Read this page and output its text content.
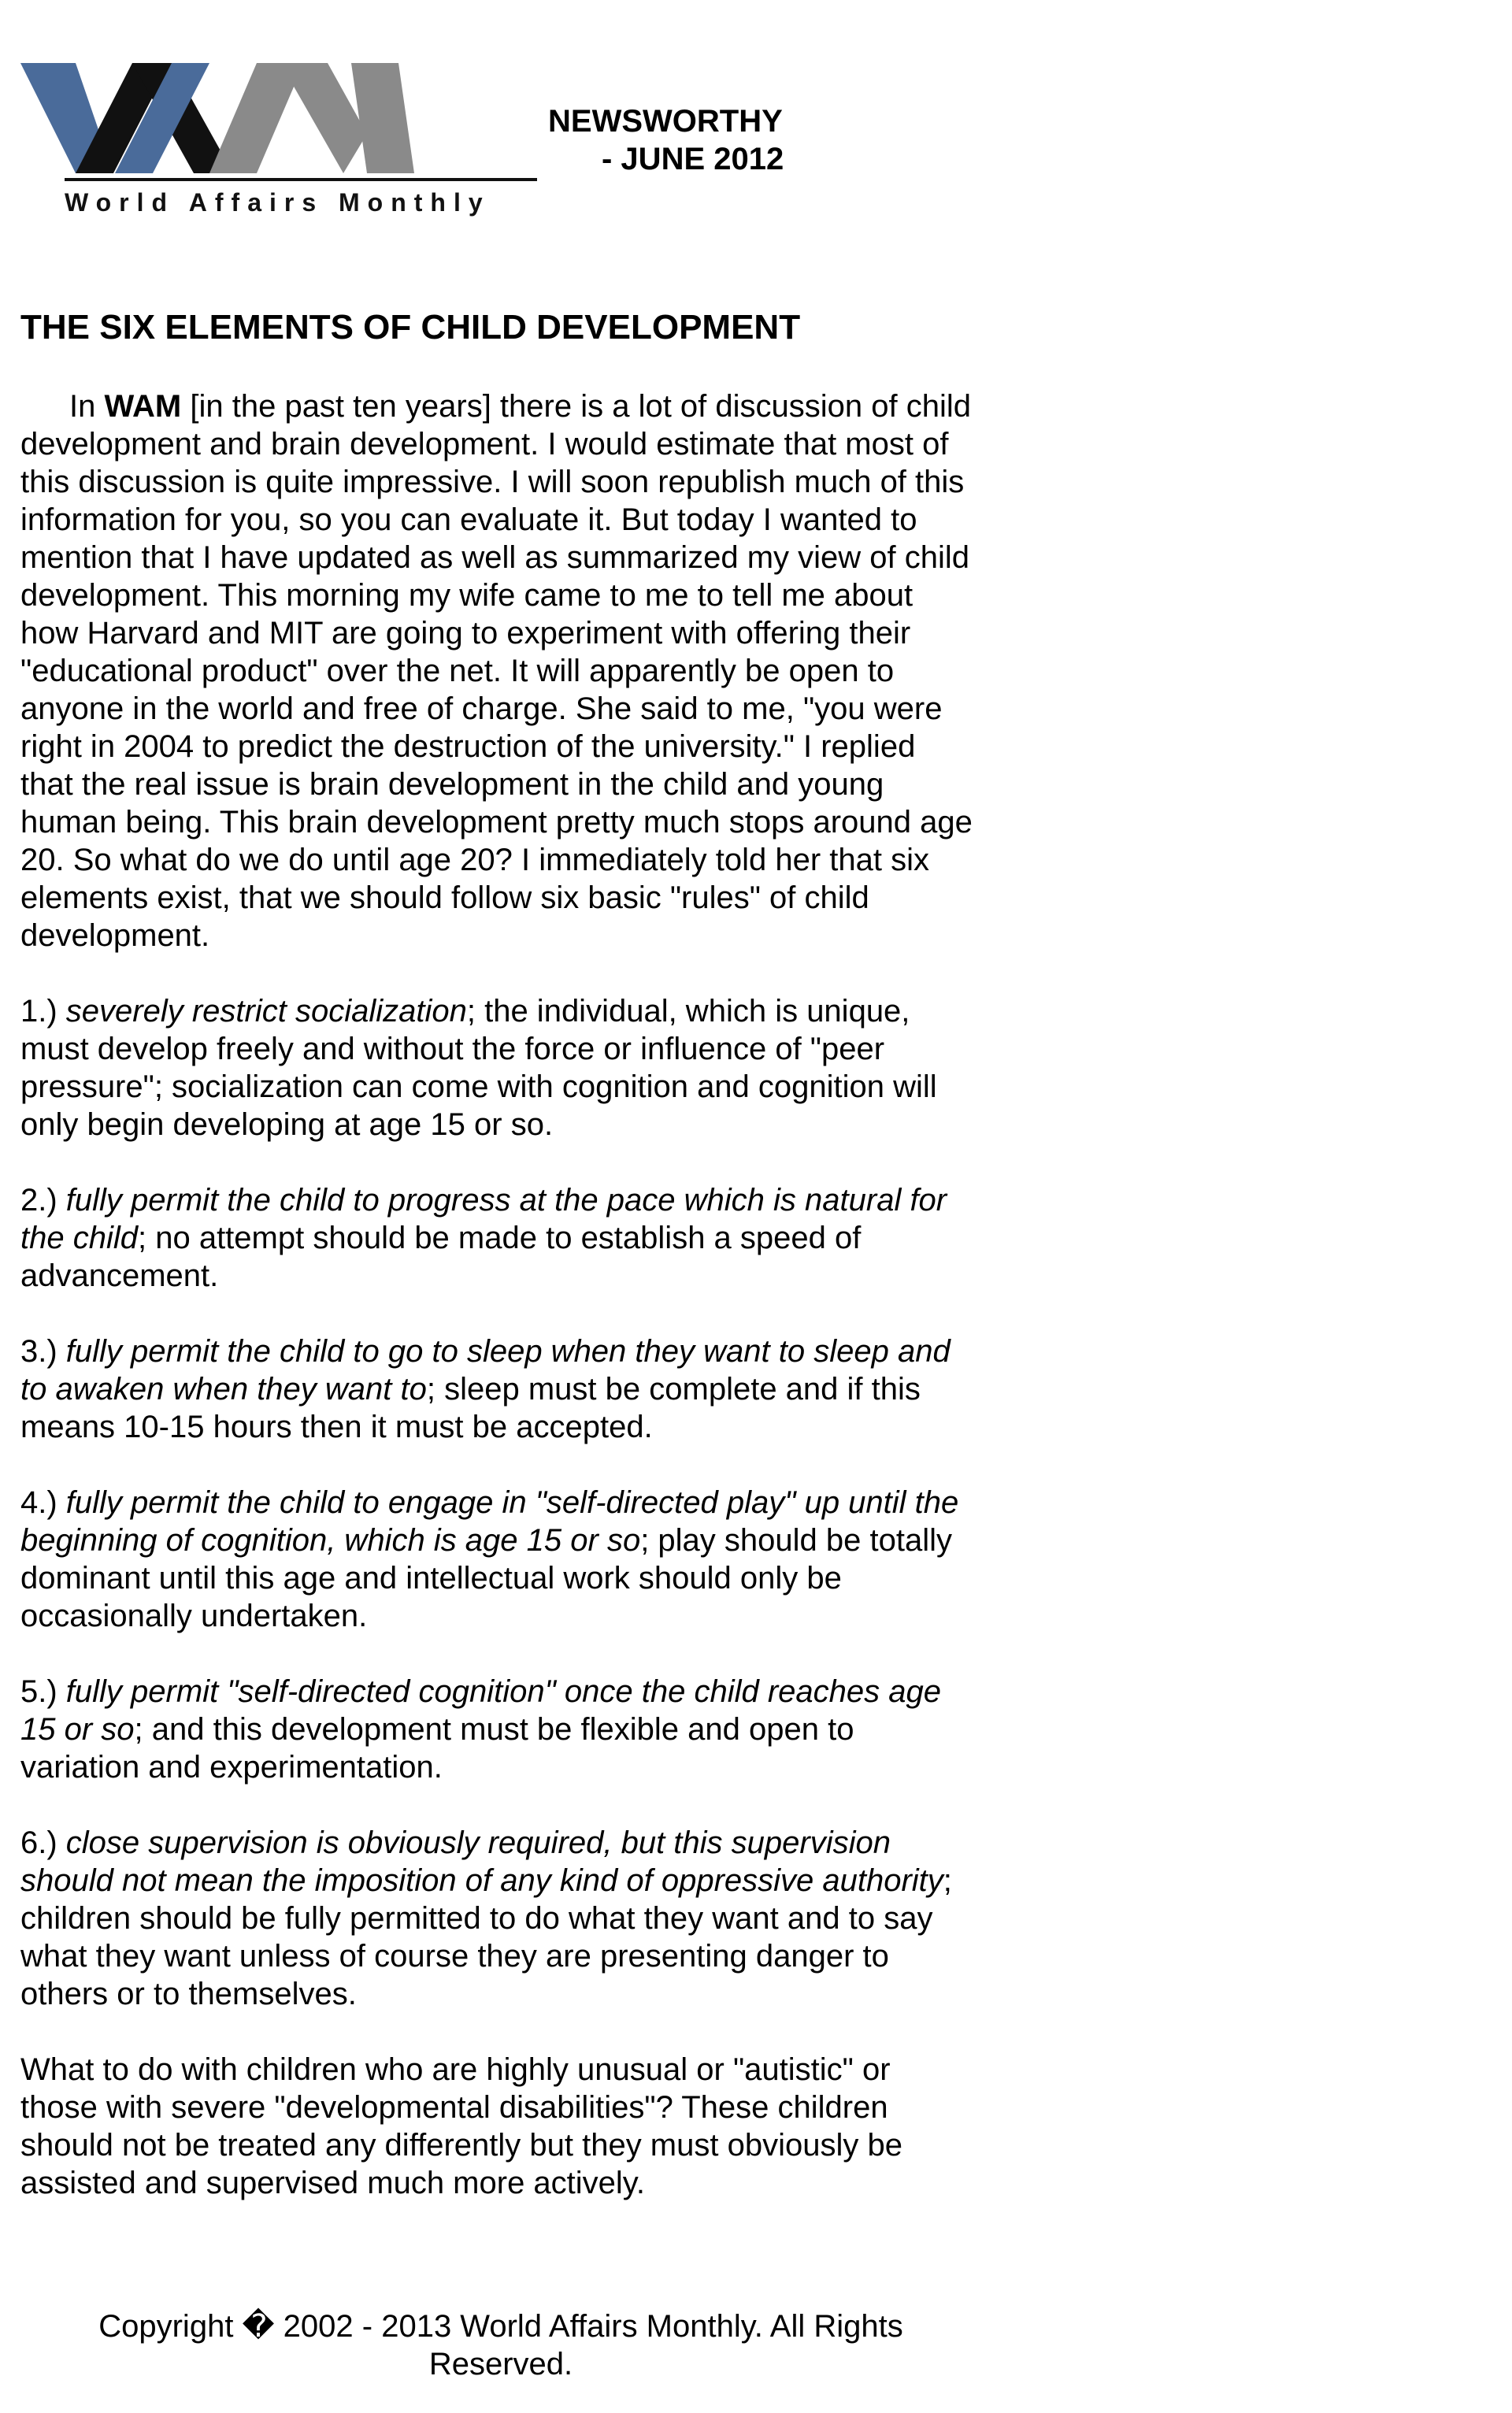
World Affairs Monthly
NEWSWORTHY

- JUNE 2012
THE SIX ELEMENTS OF CHILD DEVELOPMENT

In WAM [in the past ten years] there is a lot of discussion of child development and brain development. I would estimate that most of this discussion is quite impressive. I will soon republish much of this information for you, so you can evaluate it. But today I wanted to mention that I have updated as well as summarized my view of child development. This morning my wife came to me to tell me about how Harvard and MIT are going to experiment with offering their "educational product" over the net. It will apparently be open to anyone in the world and free of charge. She said to me, "you were right in 2004 to predict the destruction of the university." I replied that the real issue is brain development in the child and young human being. This brain development pretty much stops around age 20. So what do we do until age 20? I immediately told her that six elements exist, that we should follow six basic "rules" of child development.

1.) severely restrict socialization; the individual, which is unique, must develop freely and without the force or influence of "peer pressure"; socialization can come with cognition and cognition will only begin developing at age 15 or so.

2.) fully permit the child to progress at the pace which is natural for the child; no attempt should be made to establish a speed of advancement.

3.) fully permit the child to go to sleep when they want to sleep and to awaken when they want to; sleep must be complete and if this means 10-15 hours then it must be accepted.

4.) fully permit the child to engage in "self-directed play" up until the beginning of cognition, which is age 15 or so; play should be totally dominant until this age and intellectual work should only be occasionally undertaken.

5.) fully permit "self-directed cognition" once the child reaches age 15 or so; and this development must be flexible and open to variation and experimentation.

6.) close supervision is obviously required, but this supervision should not mean the imposition of any kind of oppressive authority; children should be fully permitted to do what they want and to say what they want unless of course they are presenting danger to others or to themselves.

What to do with children who are highly unusual or "autistic" or those with severe "developmental disabilities"? These children should not be treated any differently but they must obviously be assisted and supervised much more actively.

Copyright � 2002 - 2013 World Affairs Monthly. All Rights Reserved.
